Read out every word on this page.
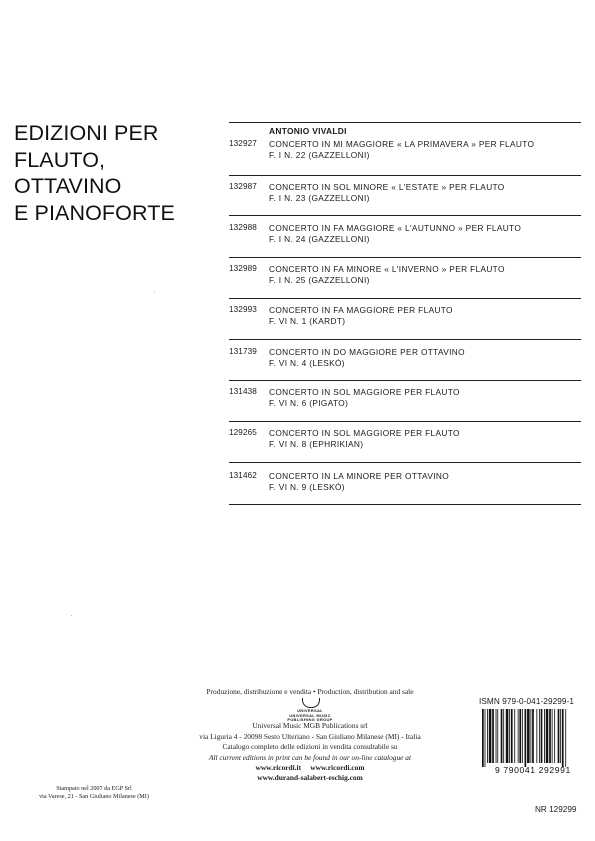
EDIZIONI PER
FLAUTO,
OTTAVINO
E PIANOFORTE
ANTONIO VIVALDI
132927 CONCERTO IN MI MAGGIORE « LA PRIMAVERA » PER FLAUTO
F. I N. 22 (GAZZELLONI)
132987 CONCERTO IN SOL MINORE « L'ESTATE » PER FLAUTO
F. I N. 23 (GAZZELLONI)
132988 CONCERTO IN FA MAGGIORE « L'AUTUNNO » PER FLAUTO
F. I N. 24 (GAZZELLONI)
132989 CONCERTO IN FA MINORE « L'INVERNO » PER FLAUTO
F. I N. 25 (GAZZELLONI)
132993 CONCERTO IN FA MAGGIORE PER FLAUTO
F. VI N. 1 (KARDT)
131739 CONCERTO IN DO MAGGIORE PER OTTAVINO
F. VI N. 4 (LESKÓ)
131438 CONCERTO IN SOL MAGGIORE PER FLAUTO
F. VI N. 6 (PIGATO)
129265 CONCERTO IN SOL MAGGIORE PER FLAUTO
F. VI N. 8 (EPHRIKIAN)
131462 CONCERTO IN LA MINORE PER OTTAVINO
F. VI N. 9 (LESKÓ)
Produzione, distribuzione e vendita • Production, distribution and sale
UNIVERSAL
UNIVERSAL MUSIC
PUBLISHING GROUP
Universal Music MGB Publications srl
via Liguria 4 - 20098 Sesto Ulteriano - San Giuliano Milanese (MI) - Italia
Catalogo completo delle edizioni in vendita consultabile su
All current editions in print can be found in our on-line catalogue at
www.ricordi.it     www.ricordi.com
www.durand-salabert-eschig.com
Stampato nel 2007 da EGP Srl
via Varese, 21 - San Giuliano Milanese (MI)
ISMN 979-0-041-29299-1
9 790041 292991
NR 129299
